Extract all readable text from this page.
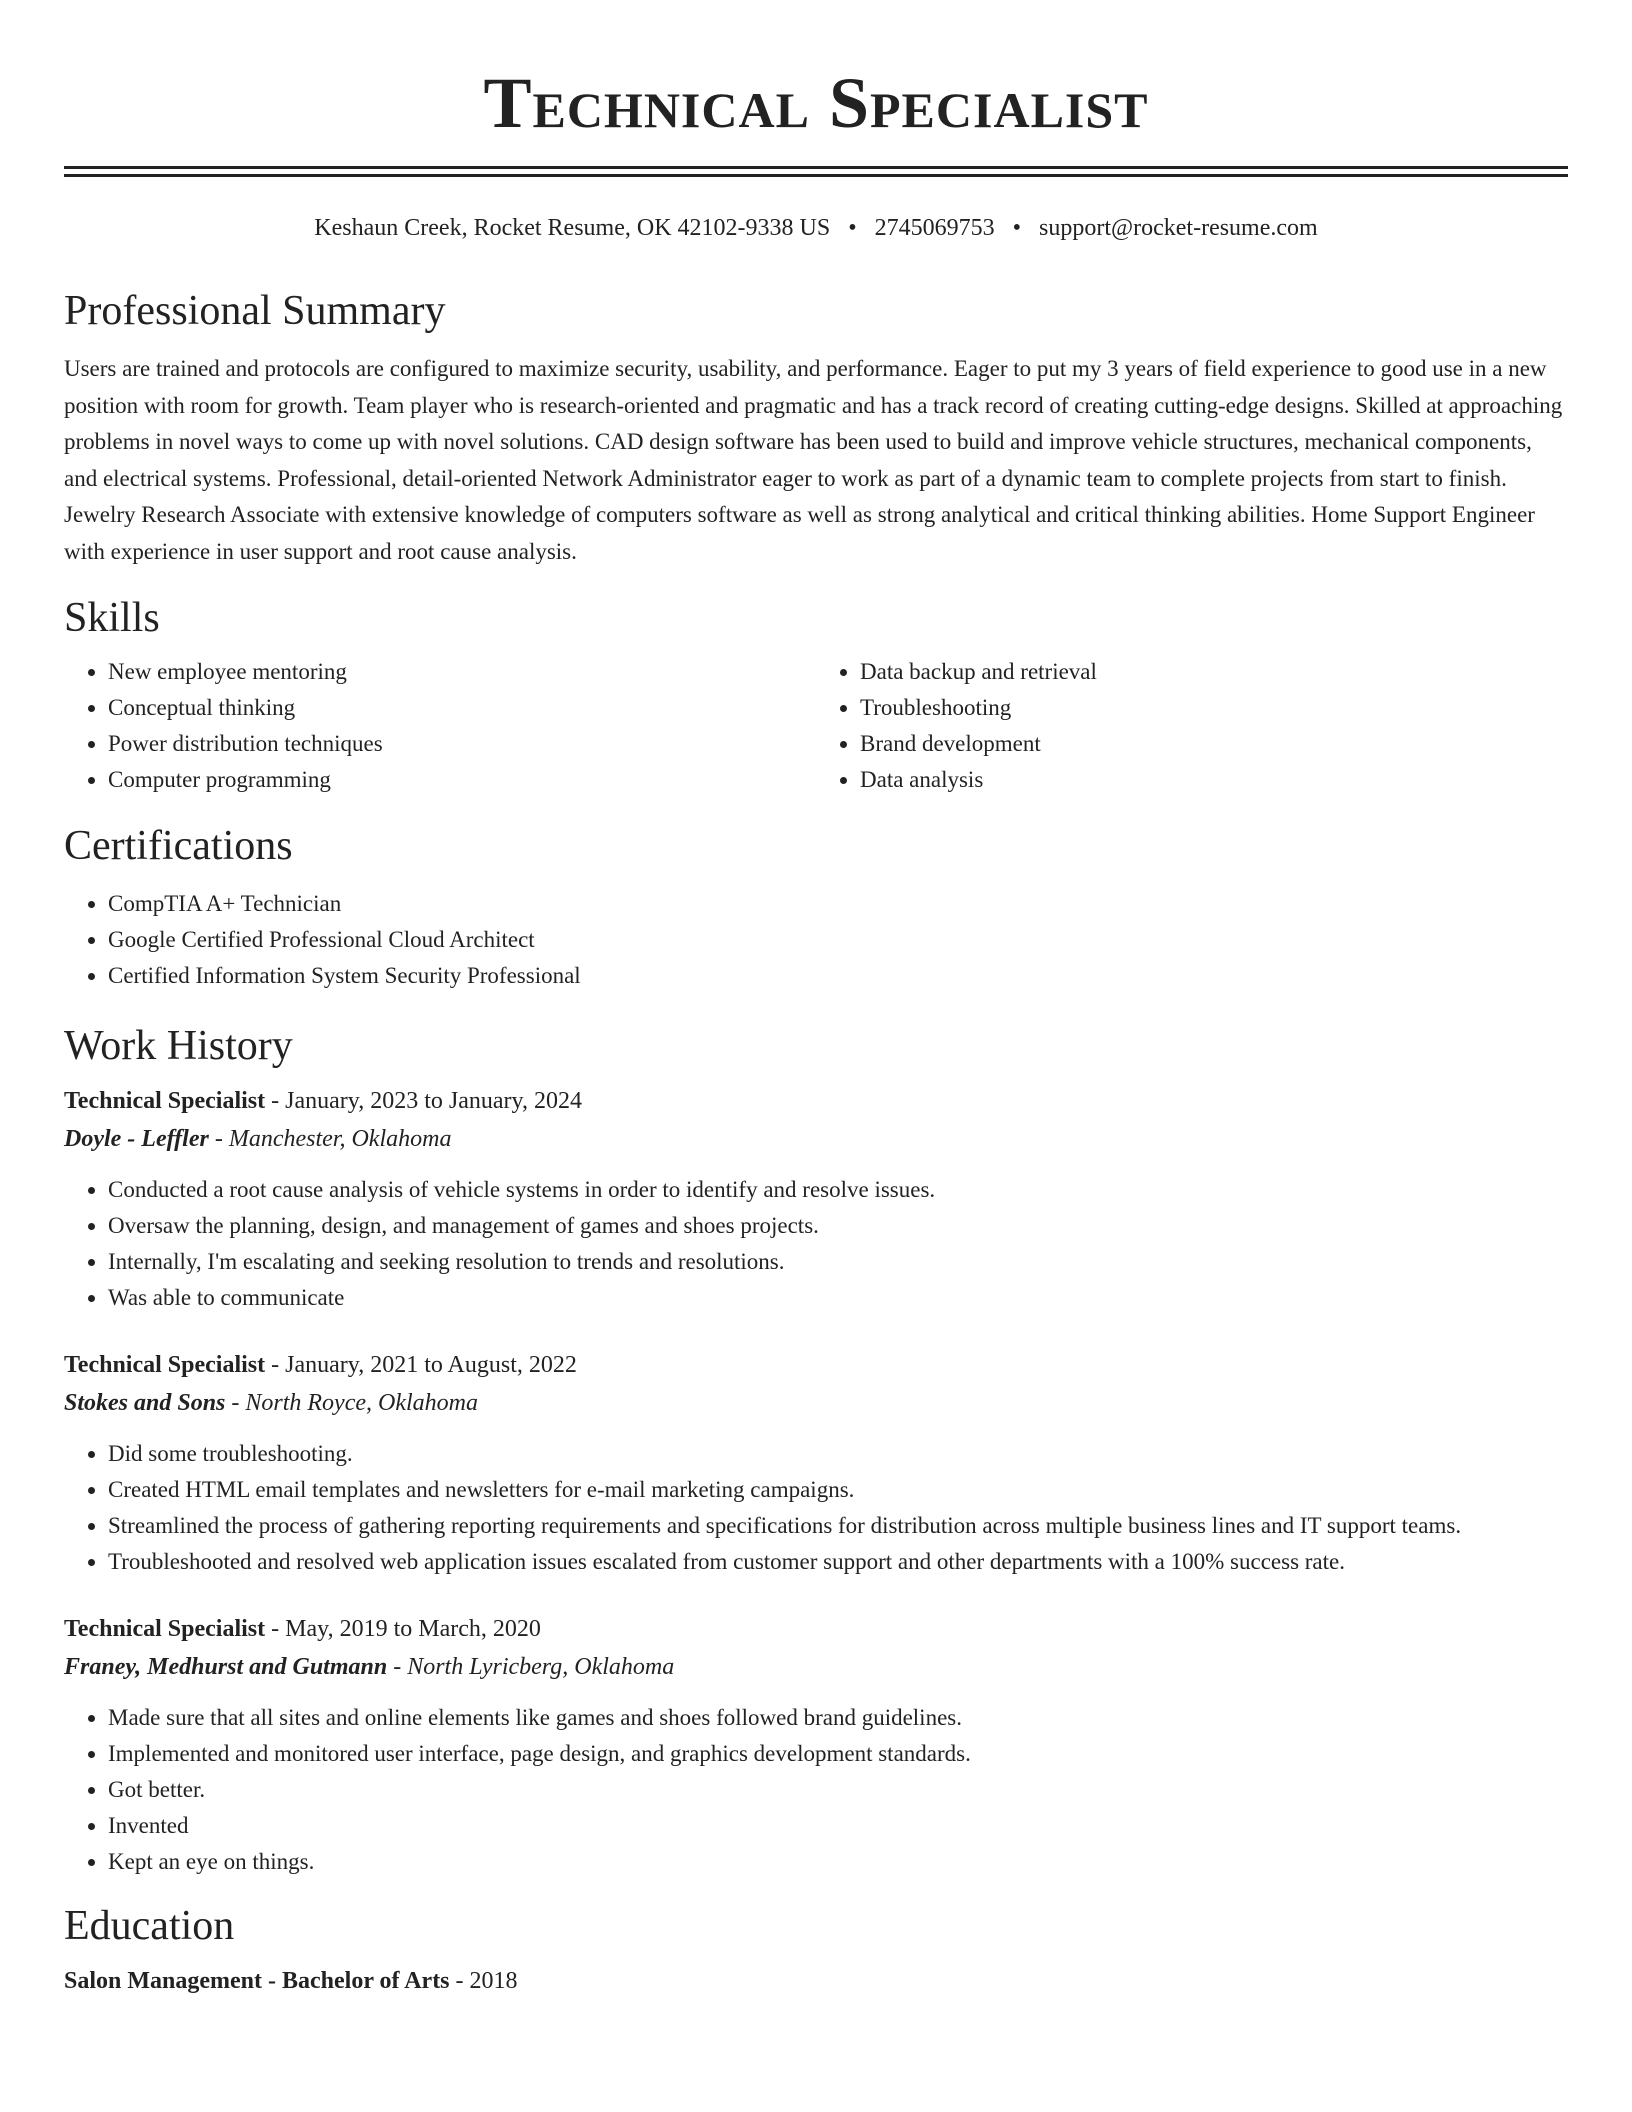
Technical Specialist
Keshaun Creek, Rocket Resume, OK 42102-9338 US • 2745069753 • support@rocket-resume.com
Professional Summary

Users are trained and protocols are configured to maximize security, usability, and performance. Eager to put my 3 years of field experience to good use in a new position with room for growth. Team player who is research-oriented and pragmatic and has a track record of creating cutting-edge designs. Skilled at approaching problems in novel ways to come up with novel solutions. CAD design software has been used to build and improve vehicle structures, mechanical components, and electrical systems. Professional, detail-oriented Network Administrator eager to work as part of a dynamic team to complete projects from start to finish. Jewelry Research Associate with extensive knowledge of computers software as well as strong analytical and critical thinking abilities. Home Support Engineer with experience in user support and root cause analysis.

Skills
• New employee mentoring
• Conceptual thinking
• Power distribution techniques
• Computer programming
• Data backup and retrieval
• Troubleshooting
• Brand development
• Data analysis
Certifications
• CompTIA A+ Technician
• Google Certified Professional Cloud Architect
• Certified Information System Security Professional
Work History
Technical Specialist - January, 2023 to January, 2024
Doyle - Leffler - Manchester, Oklahoma
• Conducted a root cause analysis of vehicle systems in order to identify and resolve issues.
• Oversaw the planning, design, and management of games and shoes projects.
• Internally, I'm escalating and seeking resolution to trends and resolutions.
• Was able to communicate
Technical Specialist - January, 2021 to August, 2022
Stokes and Sons - North Royce, Oklahoma
• Did some troubleshooting.
• Created HTML email templates and newsletters for e-mail marketing campaigns.
• Streamlined the process of gathering reporting requirements and specifications for distribution across multiple business lines and IT support teams.
• Troubleshooted and resolved web application issues escalated from customer support and other departments with a 100% success rate.
Technical Specialist - May, 2019 to March, 2020
Franey, Medhurst and Gutmann - North Lyricberg, Oklahoma
• Made sure that all sites and online elements like games and shoes followed brand guidelines.
• Implemented and monitored user interface, page design, and graphics development standards.
• Got better.
• Invented
• Kept an eye on things.
Education
Salon Management - Bachelor of Arts - 2018
